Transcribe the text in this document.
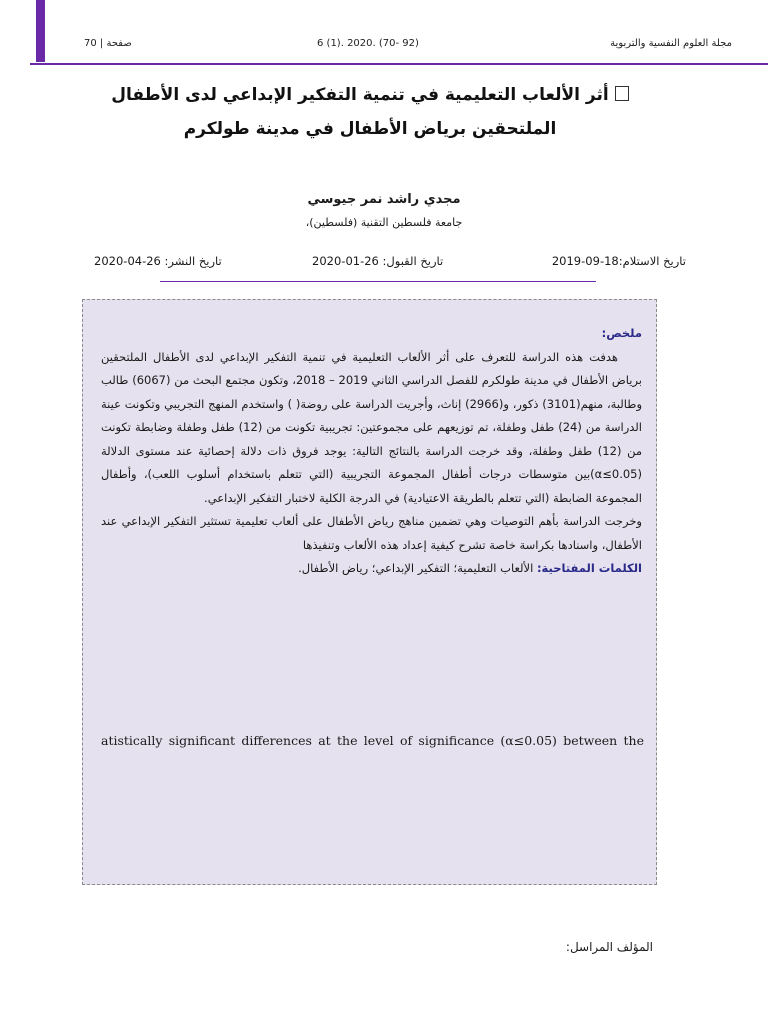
مجلة العلوم النفسية والتربوية
6 (1). 2020. (70- 92)
صفحة | 70
أثر الألعاب التعليمية في تنمية التفكير الإبداعي لدى الأطفال الملتحقين برياض الأطفال في مدينة طولكرم
مجدي راشد نمر جيوسي
جامعة فلسطين التقنية (فلسطين)،
تاريخ الاستلام:18-09-2019
تاريخ القبول: 26-01-2020
تاريخ النشر: 26-04-2020
ملخص:
هدفت هذه الدراسة للتعرف على أثر الألعاب التعليمية في تنمية التفكير الإبداعي لدى الأطفال الملتحقين برياض الأطفال في مدينة طولكرم للفصل الدراسي الثاني 2019 – 2018، وتكون مجتمع البحث من (6067) طالب وطالبة، منهم(3101) ذكور، و(2966) إناث، وأجريت الدراسة على روضة( ) واستخدم المنهج التجريبي وتكونت عينة الدراسة من (24) طفل وطفلة، تم توزيعهم على مجموعتين: تجريبية تكونت من (12) طفل وطفلة وضابطة تكونت من (12) طفل وطفلة، وقد خرجت الدراسة بالنتائج التالية: يوجد فروق ذات دلالة إحصائية عند مستوى الدلالة (α≤0.05)بين متوسطات درجات أطفال المجموعة التجريبية (التي تتعلم باستخدام أسلوب اللعب)، وأطفال المجموعة الضابطة (التي تتعلم بالطريقة الاعتيادية) في الدرجة الكلية لاختبار التفكير الإبداعي.
وخرجت الدراسة بأهم التوصيات وهي تضمين مناهج رياض الأطفال على ألعاب تعليمية تستثير التفكير الإبداعي عند الأطفال، واسنادها بكراسة خاصة تشرح كيفية إعداد هذه الألعاب وتنفيذها
الكلمات المفتاحية: الألعاب التعليمية؛ التفكير الإبداعي؛ رياض الأطفال.
atistically significant differences at the level of significance (α≤0.05) between the
المؤلف المراسل:
